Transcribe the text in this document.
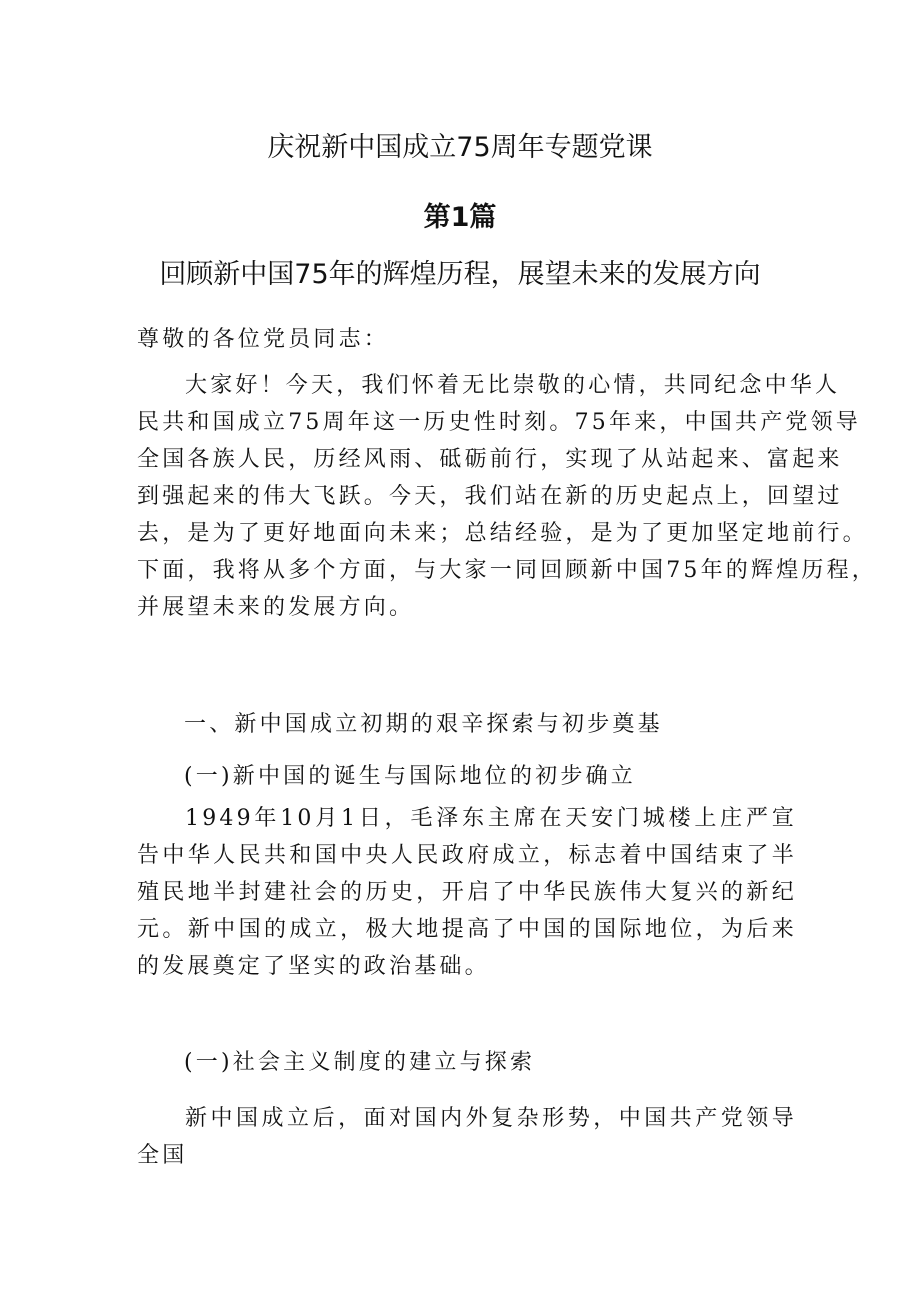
庆祝新中国成立75周年专题党课
第1篇
回顾新中国75年的辉煌历程，展望未来的发展方向

尊敬的各位党员同志：

大家好！今天，我们怀着无比崇敬的心情，共同纪念中华人
民共和国成立75周年这一历史性时刻。75年来，中国共产党领导
全国各族人民，历经风雨、砥砺前行，实现了从站起来、富起来
到强起来的伟大飞跃。今天，我们站在新的历史起点上，回望过
去，是为了更好地面向未来；总结经验，是为了更加坚定地前行。
下面，我将从多个方面，与大家一同回顾新中国75年的辉煌历程，
并展望未来的发展方向。

一、新中国成立初期的艰辛探索与初步奠基

(一)新中国的诞生与国际地位的初步确立

1949年10月1日，毛泽东主席在天安门城楼上庄严宣告中华人民共和国中央人民政府成立，标志着中国结束了半殖民地半封建社会的历史，开启了中华民族伟大复兴的新纪元。新中国的成立，极大地提高了中国的国际地位，为后来的发展奠定了坚实的政治基础。

(一)社会主义制度的建立与探索

新中国成立后，面对国内外复杂形势，中国共产党领导全国
